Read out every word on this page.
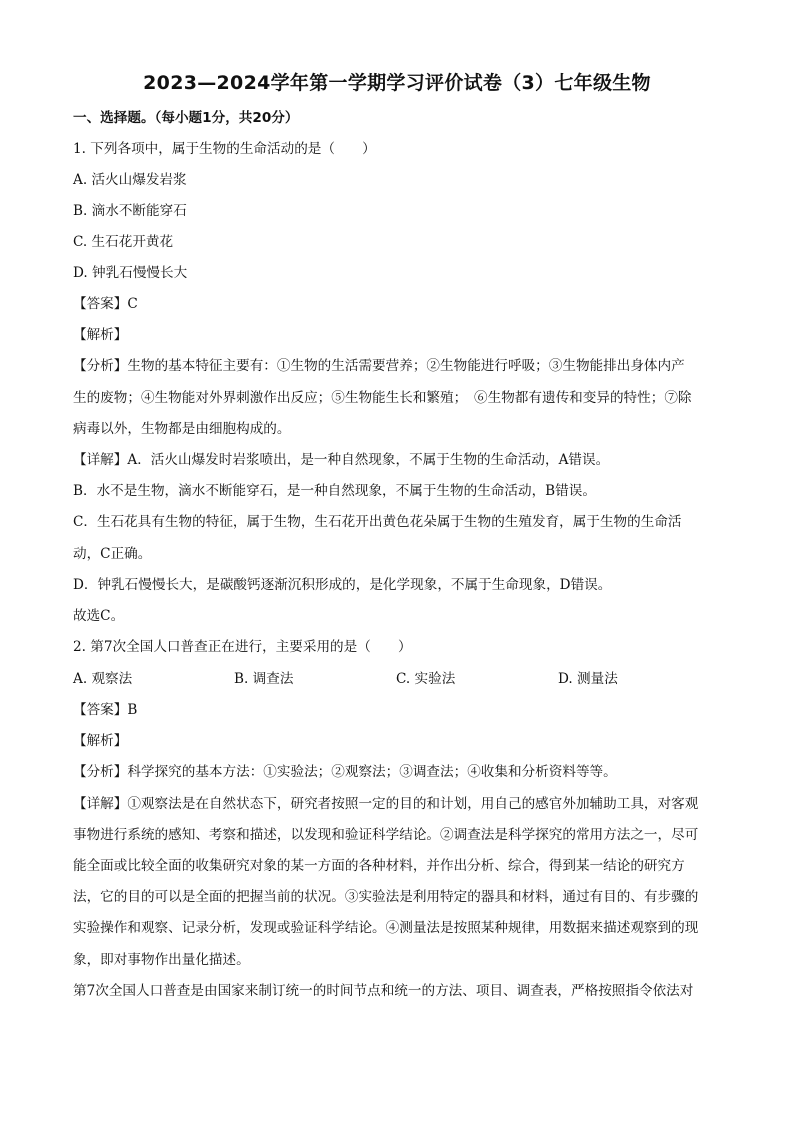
2023—2024学年第一学期学习评价试卷（3）七年级生物
一、选择题。（每小题1分，共20分）
1. 下列各项中，属于生物的生命活动的是（　　）
A. 活火山爆发岩浆
B. 滴水不断能穿石
C. 生石花开黄花
D. 钟乳石慢慢长大
【答案】C
【解析】
【分析】生物的基本特征主要有：①生物的生活需要营养；②生物能进行呼吸；③生物能排出身体内产
生的废物；④生物能对外界刺激作出反应；⑤生物能生长和繁殖；　⑥生物都有遗传和变异的特性；⑦除
病毒以外，生物都是由细胞构成的。
【详解】A．活火山爆发时岩浆喷出，是一种自然现象，不属于生物的生命活动，A错误。
B．水不是生物，滴水不断能穿石，是一种自然现象，不属于生物的生命活动，B错误。
C．生石花具有生物的特征，属于生物，生石花开出黄色花朵属于生物的生殖发育，属于生物的生命活
动，C正确。
D．钟乳石慢慢长大，是碳酸钙逐渐沉积形成的，是化学现象，不属于生命现象，D错误。
故选C。
2. 第7次全国人口普查正在进行，主要采用的是（　　）
A. 观察法	B. 调查法	C. 实验法	D. 测量法
【答案】B
【解析】
【分析】科学探究的基本方法：①实验法；②观察法；③调查法；④收集和分析资料等等。
【详解】①观察法是在自然状态下，研究者按照一定的目的和计划，用自己的感官外加辅助工具，对客观
事物进行系统的感知、考察和描述，以发现和验证科学结论。②调查法是科学探究的常用方法之一，尽可
能全面或比较全面的收集研究对象的某一方面的各种材料，并作出分析、综合，得到某一结论的研究方
法，它的目的可以是全面的把握当前的状况。③实验法是利用特定的器具和材料，通过有目的、有步骤的
实验操作和观察、记录分析，发现或验证科学结论。④测量法是按照某种规律，用数据来描述观察到的现
象，即对事物作出量化描述。
第7次全国人口普查是由国家来制订统一的时间节点和统一的方法、项目、调查表，严格按照指令依法对
